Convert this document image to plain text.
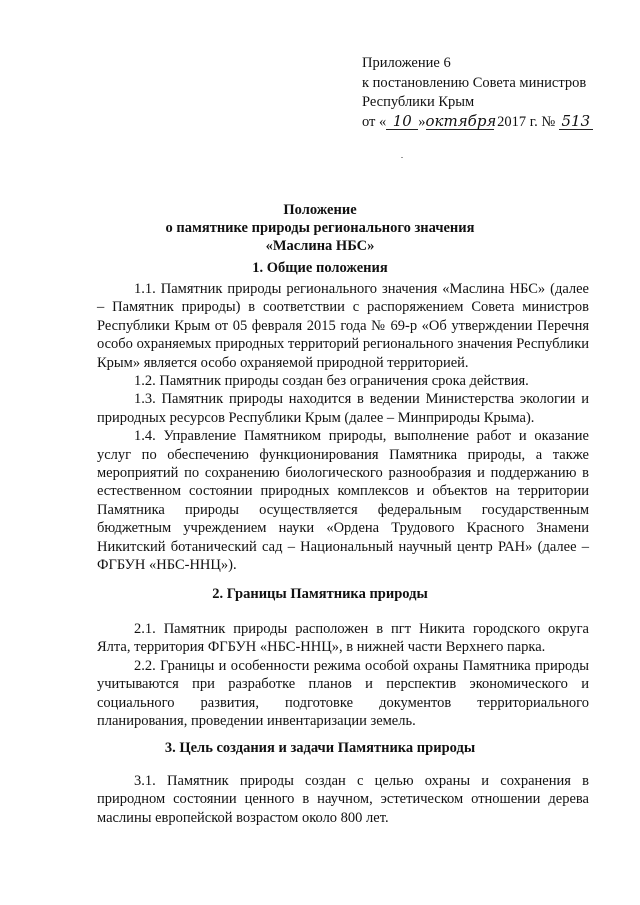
Приложение 6
к постановлению Совета министров
Республики Крым
от « 10 »октября 2017 г. № 513
Положение
о памятнике природы регионального значения
«Маслина НБС»
1. Общие положения

1.1. Памятник природы регионального значения «Маслина НБС» (далее – Памятник природы) в соответствии с распоряжением Совета министров Республики Крым от 05 февраля 2015 года № 69-р «Об утверждении Перечня особо охраняемых природных территорий регионального значения Республики Крым» является особо охраняемой природной территорией.

1.2. Памятник природы создан без ограничения срока действия.

1.3. Памятник природы находится в ведении Министерства экологии и природных ресурсов Республики Крым (далее – Минприроды Крыма).

1.4. Управление Памятником природы, выполнение работ и оказание услуг по обеспечению функционирования Памятника природы, а также мероприятий по сохранению биологического разнообразия и поддержанию в естественном состоянии природных комплексов и объектов на территории Памятника природы осуществляется федеральным государственным бюджетным учреждением науки «Ордена Трудового Красного Знамени Никитский ботанический сад – Национальный научный центр РАН» (далее – ФГБУН «НБС-ННЦ»).

2. Границы Памятника природы

2.1. Памятник природы расположен в пгт Никита городского округа Ялта, территория ФГБУН «НБС-ННЦ», в нижней части Верхнего парка.

2.2. Границы и особенности режима особой охраны Памятника природы учитываются при разработке планов и перспектив экономического и социального развития, подготовке документов территориального планирования, проведении инвентаризации земель.

3. Цель создания и задачи Памятника природы

3.1. Памятник природы создан с целью охраны и сохранения в природном состоянии ценного в научном, эстетическом отношении дерева маслины европейской возрастом около 800 лет.
